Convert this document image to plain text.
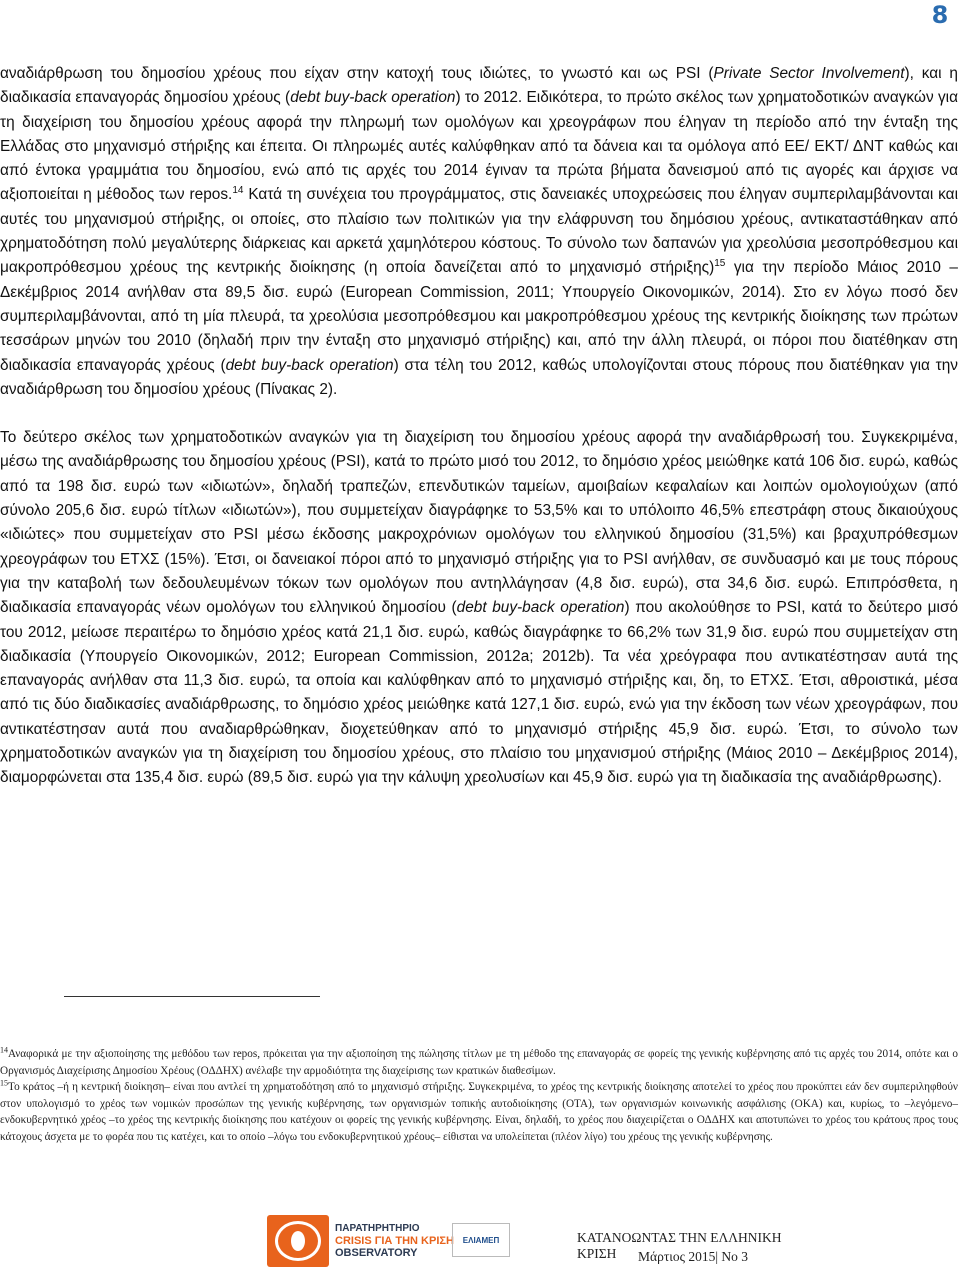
8

αναδιάρθρωση του δημοσίου χρέους που είχαν στην κατοχή τους ιδιώτες, το γνωστό και ως PSI (Private Sector Involvement), και η διαδικασία επαναγοράς δημοσίου χρέους (debt buy-back operation) το 2012. Ειδικότερα, το πρώτο σκέλος των χρηματοδοτικών αναγκών για τη διαχείριση του δημοσίου χρέους αφορά την πληρωμή των ομολόγων και χρεογράφων που έληγαν τη περίοδο από την ένταξη της Ελλάδας στο μηχανισμό στήριξης και έπειτα. Οι πληρωμές αυτές καλύφθηκαν από τα δάνεια και τα ομόλογα από ΕΕ/ ΕΚΤ/ ΔΝΤ καθώς και από έντοκα γραμμάτια του δημοσίου, ενώ από τις αρχές του 2014 έγιναν τα πρώτα βήματα δανεισμού από τις αγορές και άρχισε να αξιοποιείται η μέθοδος των repos.$^{14}$ Κατά τη συνέχεια του προγράμματος, στις δανειακές υποχρεώσεις που έληγαν συμπεριλαμβάνονται και αυτές του μηχανισμού στήριξης, οι οποίες, στο πλαίσιο των πολιτικών για την ελάφρυνση του δημόσιου χρέους, αντικαταστάθηκαν από χρηματοδότηση πολύ μεγαλύτερης διάρκειας και αρκετά χαμηλότερου κόστους. Το σύνολο των δαπανών για χρεολύσια μεσοπρόθεσμου και μακροπρόθεσμου χρέους της κεντρικής διοίκησης (η οποία δανείζεται από το μηχανισμό στήριξης)$^{15}$ για την περίοδο Μάιος 2010 – Δεκέμβριος 2014 ανήλθαν στα 89,5 δισ. ευρώ (European Commission, 2011; Υπουργείο Οικονομικών, 2014). Στο εν λόγω ποσό δεν συμπεριλαμβάνονται, από τη μία πλευρά, τα χρεολύσια μεσοπρόθεσμου και μακροπρόθεσμου χρέους της κεντρικής διοίκησης των πρώτων τεσσάρων μηνών του 2010 (δηλαδή πριν την ένταξη στο μηχανισμό στήριξης) και, από την άλλη πλευρά, οι πόροι που διατέθηκαν στη διαδικασία επαναγοράς χρέους (debt buy-back operation) στα τέλη του 2012, καθώς υπολογίζονται στους πόρους που διατέθηκαν για την αναδιάρθρωση του δημοσίου χρέους (Πίνακας 2).

Το δεύτερο σκέλος των χρηματοδοτικών αναγκών για τη διαχείριση του δημοσίου χρέους αφορά την αναδιάρθρωσή του. Συγκεκριμένα, μέσω της αναδιάρθρωσης του δημοσίου χρέους (PSI), κατά το πρώτο μισό του 2012, το δημόσιο χρέος μειώθηκε κατά 106 δισ. ευρώ, καθώς από τα 198 δισ. ευρώ των «ιδιωτών», δηλαδή τραπεζών, επενδυτικών ταμείων, αμοιβαίων κεφαλαίων και λοιπών ομολογιούχων (από σύνολο 205,6 δισ. ευρώ τίτλων «ιδιωτών»), που συμμετείχαν διαγράφηκε το 53,5% και το υπόλοιπο 46,5% επεστράφη στους δικαιούχους «ιδιώτες» που συμμετείχαν στο PSI μέσω έκδοσης μακροχρόνιων ομολόγων του ελληνικού δημοσίου (31,5%) και βραχυπρόθεσμων χρεογράφων του ΕΤΧΣ (15%). Έτσι, οι δανειακοί πόροι από το μηχανισμό στήριξης για το PSI ανήλθαν, σε συνδυασμό και με τους πόρους για την καταβολή των δεδουλευμένων τόκων των ομολόγων που αντηλλάγησαν (4,8 δισ. ευρώ), στα 34,6 δισ. ευρώ. Επιπρόσθετα, η διαδικασία επαναγοράς νέων ομολόγων του ελληνικού δημοσίου (debt buy-back operation) που ακολούθησε το PSI, κατά το δεύτερο μισό του 2012, μείωσε περαιτέρω το δημόσιο χρέος κατά 21,1 δισ. ευρώ, καθώς διαγράφηκε το 66,2% των 31,9 δισ. ευρώ που συμμετείχαν στη διαδικασία (Υπουργείο Οικονομικών, 2012; European Commission, 2012a; 2012b). Τα νέα χρεόγραφα που αντικατέστησαν αυτά της επαναγοράς ανήλθαν στα 11,3 δισ. ευρώ, τα οποία και καλύφθηκαν από το μηχανισμό στήριξης και, δη, το ΕΤΧΣ. Έτσι, αθροιστικά, μέσα από τις δύο διαδικασίες αναδιάρθρωσης, το δημόσιο χρέος μειώθηκε κατά 127,1 δισ. ευρώ, ενώ για την έκδοση των νέων χρεογράφων, που αντικατέστησαν αυτά που αναδιαρθρώθηκαν, διοχετεύθηκαν από το μηχανισμό στήριξης 45,9 δισ. ευρώ. Έτσι, το σύνολο των χρηματοδοτικών αναγκών για τη διαχείριση του δημοσίου χρέους, στο πλαίσιο του μηχανισμού στήριξης (Μάιος 2010 – Δεκέμβριος 2014), διαμορφώνεται στα 135,4 δισ. ευρώ (89,5 δισ. ευρώ για την κάλυψη χρεολυσίων και 45,9 δισ. ευρώ για τη διαδικασία της αναδιάρθρωσης).

$^{14}$Αναφορικά με την αξιοποίησης της μεθόδου των repos, πρόκειται για την αξιοποίηση της πώλησης τίτλων με τη μέθοδο της επαναγοράς σε φορείς της γενικής κυβέρνησης από τις αρχές του 2014, οπότε και ο Οργανισμός Διαχείρισης Δημοσίου Χρέους (ΟΔΔΗΧ) ανέλαβε την αρμοδιότητα της διαχείρισης των κρατικών διαθεσίμων.

$^{15}$Το κράτος –ή η κεντρική διοίκηση– είναι που αντλεί τη χρηματοδότηση από το μηχανισμό στήριξης. Συγκεκριμένα, το χρέος της κεντρικής διοίκησης αποτελεί το χρέος που προκύπτει εάν δεν συμπεριληφθούν στον υπολογισμό το χρέος των νομικών προσώπων της γενικής κυβέρνησης, των οργανισμών τοπικής αυτοδιοίκησης (ΟΤΑ), των οργανισμών κοινωνικής ασφάλισης (ΟΚΑ) και, κυρίως, το –λεγόμενο– ενδοκυβερνητικό χρέος –το χρέος της κεντρικής διοίκησης που κατέχουν οι φορείς της γενικής κυβέρνησης. Είναι, δηλαδή, το χρέος που διαχειρίζεται ο ΟΔΔΗΧ και αποτυπώνει το χρέος του κράτους προς τους κάτοχους άσχετα με το φορέα που τις κατέχει, και το οποίο –λόγω του ενδοκυβερνητικού χρέους– είθισται να υπολείπεται (πλέον λίγο) του χρέους της γενικής κυβέρνησης.

ΠΑΡΑΤΗΡΗΤΗΡΙΟ
CRISIS ΓΙΑ ΤΗΝ ΚΡΙΣΗ
OBSERVATORY
ΕΛΙΑΜΕΠ	ΚΑΤΑΝΟΩΝΤΑΣ ΤΗΝ ΕΛΛΗΝΙΚΗ ΚΡΙΣΗ	Μάρτιος 2015| Νο 3
